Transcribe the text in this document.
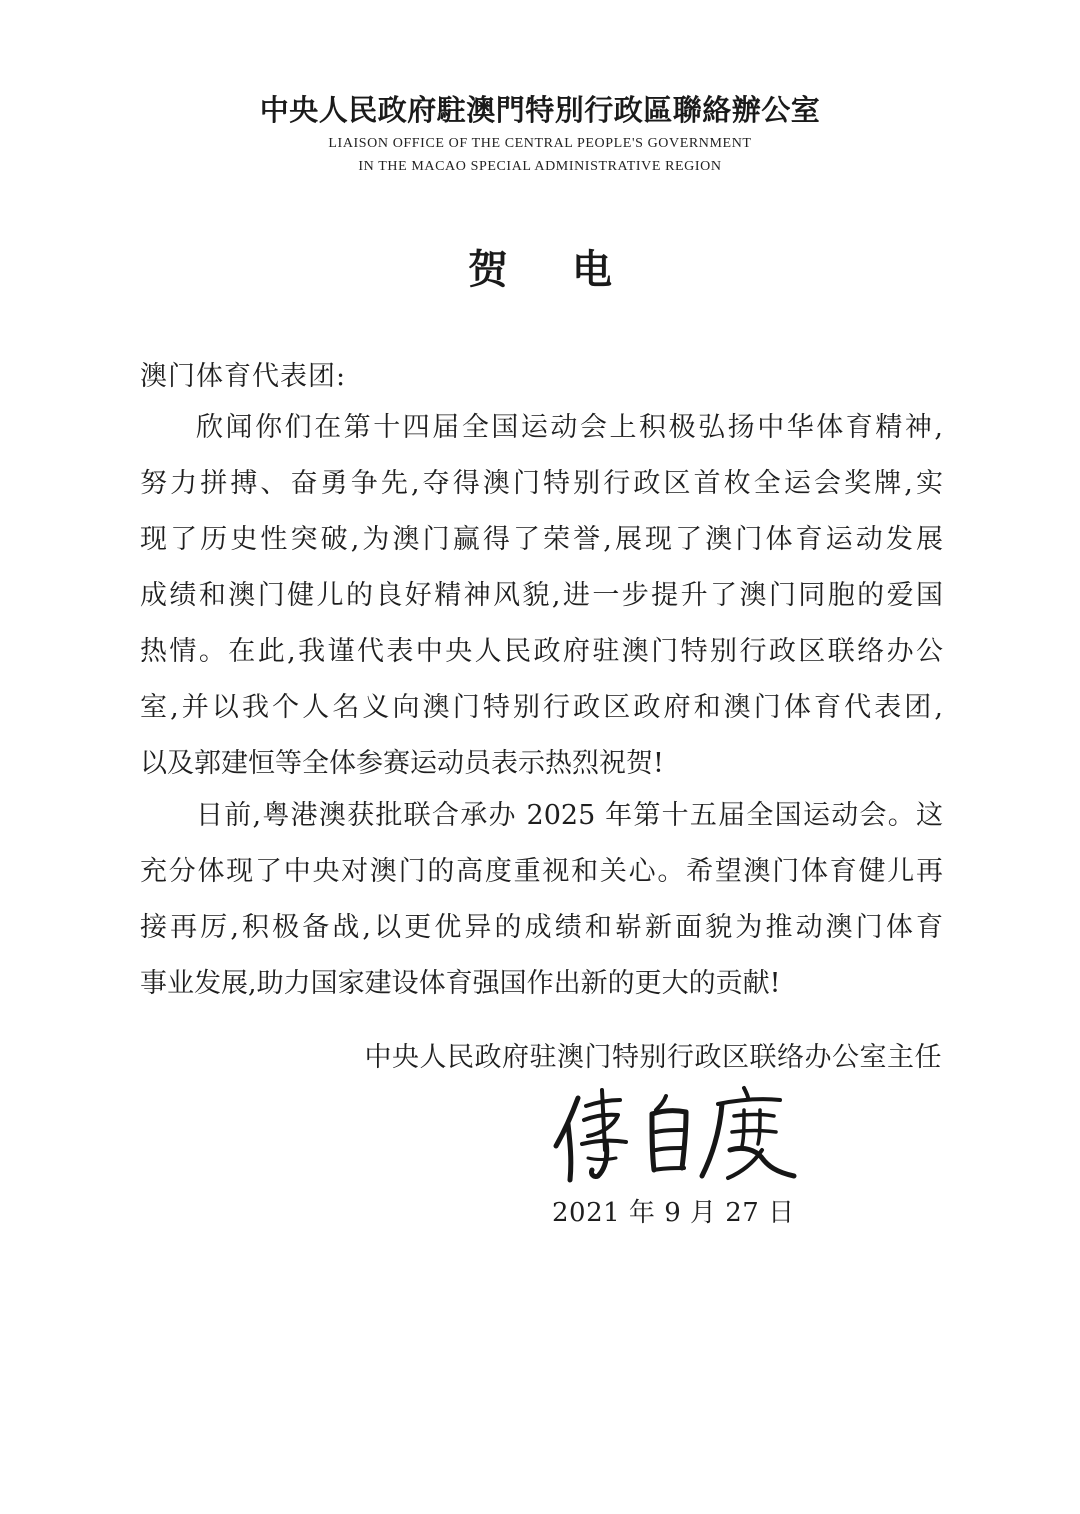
中央人民政府駐澳門特別行政區聯絡辦公室
LIAISON OFFICE OF THE CENTRAL PEOPLE'S GOVERNMENT
IN THE MACAO SPECIAL ADMINISTRATIVE REGION
贺电
澳门体育代表团:
欣闻你们在第十四届全国运动会上积极弘扬中华体育精神,
努力拼搏、奋勇争先,夺得澳门特别行政区首枚全运会奖牌,实
现了历史性突破,为澳门赢得了荣誉,展现了澳门体育运动发展
成绩和澳门健儿的良好精神风貌,进一步提升了澳门同胞的爱国
热情。在此,我谨代表中央人民政府驻澳门特别行政区联络办公
室,并以我个人名义向澳门特别行政区政府和澳门体育代表团,
以及郭建恒等全体参赛运动员表示热烈祝贺!
日前,粤港澳获批联合承办 2025 年第十五届全国运动会。这
充分体现了中央对澳门的高度重视和关心。希望澳门体育健儿再
接再厉,积极备战,以更优异的成绩和崭新面貌为推动澳门体育
事业发展,助力国家建设体育强国作出新的更大的贡献!
中央人民政府驻澳门特别行政区联络办公室主任
2021 年 9 月 27 日
